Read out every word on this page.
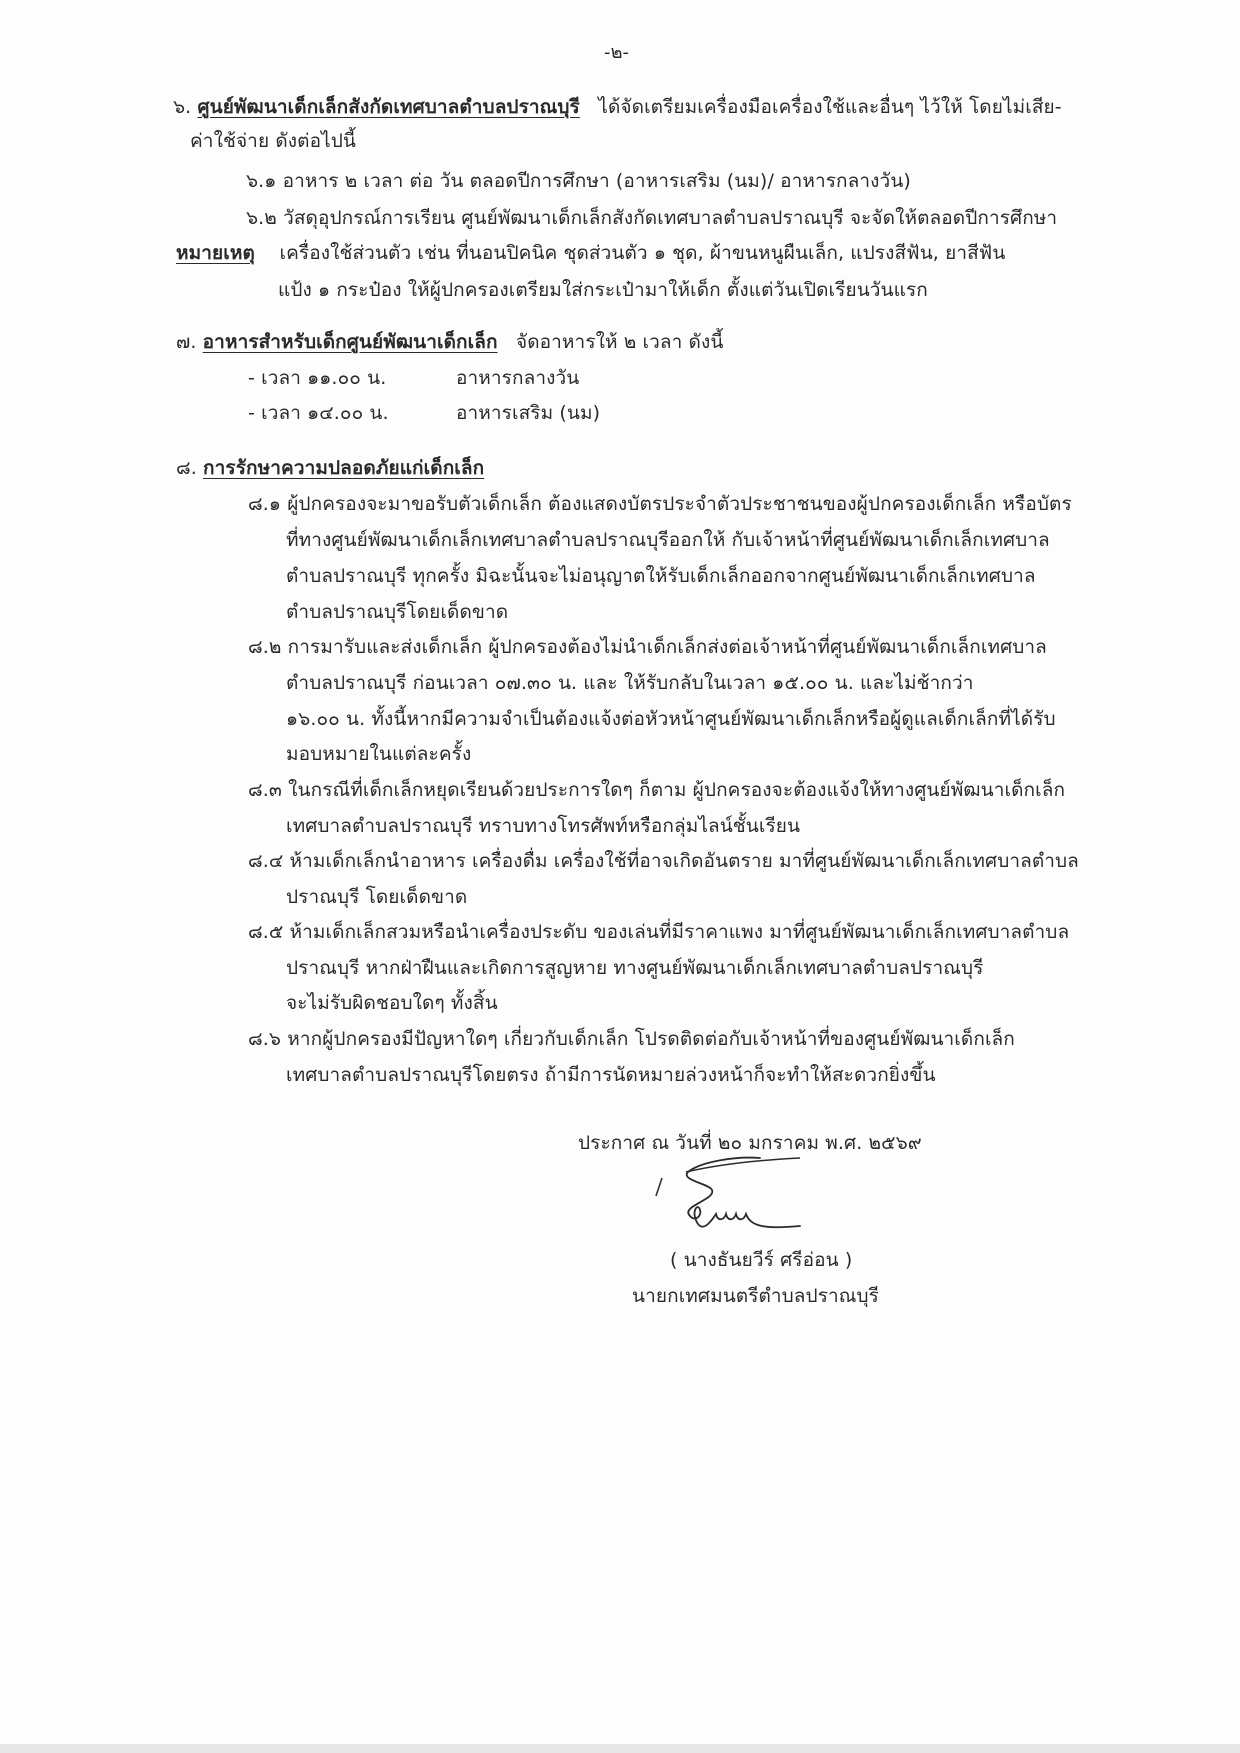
-๒-
๖. ศูนย์พัฒนาเด็กเล็กสังกัดเทศบาลตำบลปราณบุรี ได้จัดเตรียมเครื่องมือเครื่องใช้และอื่นๆ ไว้ให้ โดยไม่เสีย-
ค่าใช้จ่าย ดังต่อไปนี้
๖.๑ อาหาร ๒ เวลา ต่อ วัน ตลอดปีการศึกษา (อาหารเสริม (นม)/ อาหารกลางวัน)
๖.๒ วัสดุอุปกรณ์การเรียน ศูนย์พัฒนาเด็กเล็กสังกัดเทศบาลตำบลปราณบุรี จะจัดให้ตลอดปีการศึกษา
หมายเหตุ เครื่องใช้ส่วนตัว เช่น ที่นอนปิคนิค ชุดส่วนตัว ๑ ชุด, ผ้าขนหนูผืนเล็ก, แปรงสีฟัน, ยาสีฟัน
แป้ง ๑ กระป๋อง ให้ผู้ปกครองเตรียมใส่กระเป๋ามาให้เด็ก ตั้งแต่วันเปิดเรียนวันแรก
๗. อาหารสำหรับเด็กศูนย์พัฒนาเด็กเล็ก จัดอาหารให้ ๒ เวลา ดังนี้
- เวลา ๑๑.๐๐ น.	อาหารกลางวัน
- เวลา ๑๔.๐๐ น.	อาหารเสริม (นม)
๘. การรักษาความปลอดภัยแก่เด็กเล็ก
๘.๑ ผู้ปกครองจะมาขอรับตัวเด็กเล็ก ต้องแสดงบัตรประจำตัวประชาชนของผู้ปกครองเด็กเล็ก หรือบัตร
ที่ทางศูนย์พัฒนาเด็กเล็กเทศบาลตำบลปราณบุรีออกให้ กับเจ้าหน้าที่ศูนย์พัฒนาเด็กเล็กเทศบาล
ตำบลปราณบุรี ทุกครั้ง มิฉะนั้นจะไม่อนุญาตให้รับเด็กเล็กออกจากศูนย์พัฒนาเด็กเล็กเทศบาล
ตำบลปราณบุรีโดยเด็ดขาด
๘.๒ การมารับและส่งเด็กเล็ก ผู้ปกครองต้องไม่นำเด็กเล็กส่งต่อเจ้าหน้าที่ศูนย์พัฒนาเด็กเล็กเทศบาล
ตำบลปราณบุรี ก่อนเวลา ๐๗.๓๐ น. และ ให้รับกลับในเวลา ๑๕.๐๐ น. และไม่ช้ากว่า
๑๖.๐๐ น. ทั้งนี้หากมีความจำเป็นต้องแจ้งต่อหัวหน้าศูนย์พัฒนาเด็กเล็กหรือผู้ดูแลเด็กเล็กที่ได้รับ
มอบหมายในแต่ละครั้ง
๘.๓ ในกรณีที่เด็กเล็กหยุดเรียนด้วยประการใดๆ ก็ตาม ผู้ปกครองจะต้องแจ้งให้ทางศูนย์พัฒนาเด็กเล็ก
เทศบาลตำบลปราณบุรี ทราบทางโทรศัพท์หรือกลุ่มไลน์ชั้นเรียน
๘.๔ ห้ามเด็กเล็กนำอาหาร เครื่องดื่ม เครื่องใช้ที่อาจเกิดอันตราย มาที่ศูนย์พัฒนาเด็กเล็กเทศบาลตำบล
ปราณบุรี โดยเด็ดขาด
๘.๕ ห้ามเด็กเล็กสวมหรือนำเครื่องประดับ ของเล่นที่มีราคาแพง มาที่ศูนย์พัฒนาเด็กเล็กเทศบาลตำบล
ปราณบุรี หากฝ่าฝืนและเกิดการสูญหาย ทางศูนย์พัฒนาเด็กเล็กเทศบาลตำบลปราณบุรี
จะไม่รับผิดชอบใดๆ ทั้งสิ้น
๘.๖ หากผู้ปกครองมีปัญหาใดๆ เกี่ยวกับเด็กเล็ก โปรดติดต่อกับเจ้าหน้าที่ของศูนย์พัฒนาเด็กเล็ก
เทศบาลตำบลปราณบุรีโดยตรง ถ้ามีการนัดหมายล่วงหน้าก็จะทำให้สะดวกยิ่งขึ้น
ประกาศ ณ วันที่ ๒๐ มกราคม พ.ศ. ๒๕๖๙
( นางธันยวีร์ ศรีอ่อน )
นายกเทศมนตรีตำบลปราณบุรี
